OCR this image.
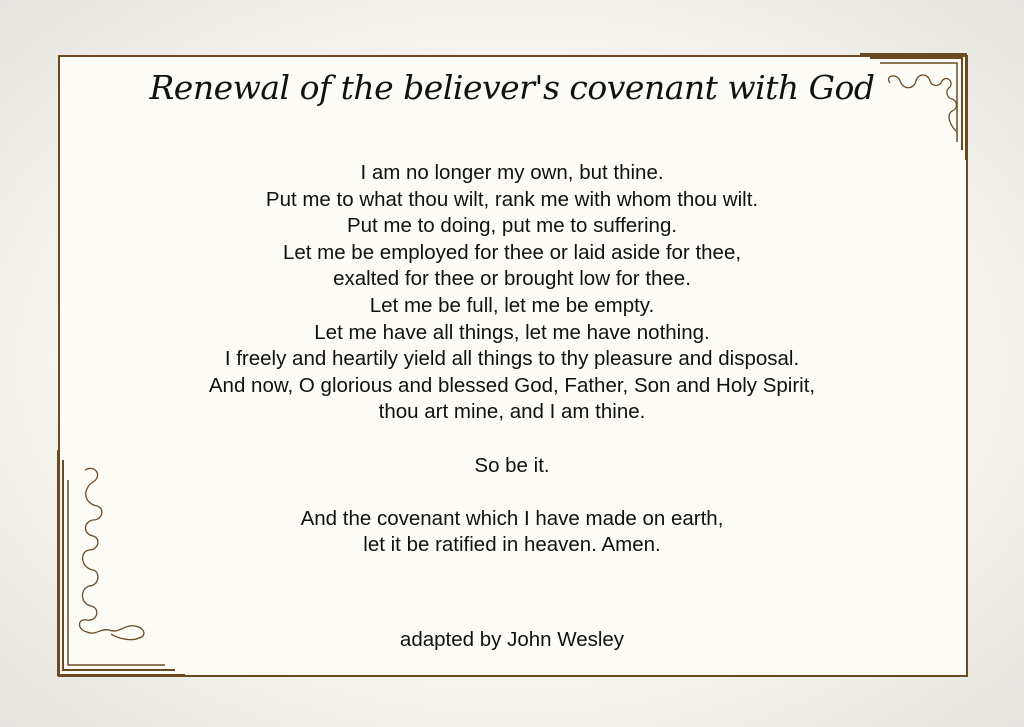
Renewal of the believer's covenant with God
I am no longer my own, but thine.
Put me to what thou wilt, rank me with whom thou wilt.
Put me to doing, put me to suffering.
Let me be employed for thee or laid aside for thee,
exalted for thee or brought low for thee.
Let me be full, let me be empty.
Let me have all things, let me have nothing.
I freely and heartily yield all things to thy pleasure and disposal.
And now, O glorious and blessed God, Father, Son and Holy Spirit,
thou art mine, and I am thine.
So be it.
And the covenant which I have made on earth,
let it be ratified in heaven. Amen.
adapted by John Wesley
